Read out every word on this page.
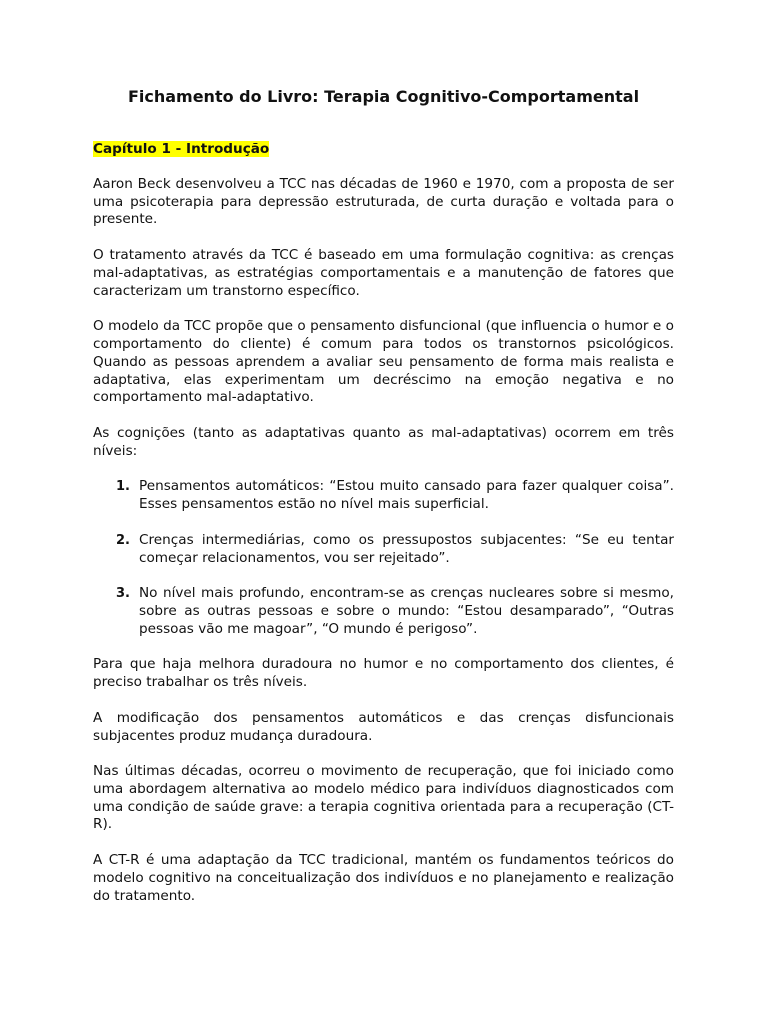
Fichamento do Livro: Terapia Cognitivo-Comportamental
Capítulo 1 - Introdução

Aaron Beck desenvolveu a TCC nas décadas de 1960 e 1970, com a proposta de ser uma psicoterapia para depressão estruturada, de curta duração e voltada para o presente.

O tratamento através da TCC é baseado em uma formulação cognitiva: as crenças mal-adaptativas, as estratégias comportamentais e a manutenção de fatores que caracterizam um transtorno específico.

O modelo da TCC propõe que o pensamento disfuncional (que influencia o humor e o comportamento do cliente) é comum para todos os transtornos psicológicos. Quando as pessoas aprendem a avaliar seu pensamento de forma mais realista e adaptativa, elas experimentam um decréscimo na emoção negativa e no comportamento mal-adaptativo.

As cognições (tanto as adaptativas quanto as mal-adaptativas) ocorrem em três níveis:

1. Pensamentos automáticos: “Estou muito cansado para fazer qualquer coisa”. Esses pensamentos estão no nível mais superficial.

2. Crenças intermediárias, como os pressupostos subjacentes: “Se eu tentar começar relacionamentos, vou ser rejeitado”.

3. No nível mais profundo, encontram-se as crenças nucleares sobre si mesmo, sobre as outras pessoas e sobre o mundo: “Estou desamparado”, “Outras pessoas vão me magoar”, “O mundo é perigoso”.

Para que haja melhora duradoura no humor e no comportamento dos clientes, é preciso trabalhar os três níveis.

A modificação dos pensamentos automáticos e das crenças disfuncionais subjacentes produz mudança duradoura.

Nas últimas décadas, ocorreu o movimento de recuperação, que foi iniciado como uma abordagem alternativa ao modelo médico para indivíduos diagnosticados com uma condição de saúde grave: a terapia cognitiva orientada para a recuperação (CT-R).

A CT-R é uma adaptação da TCC tradicional, mantém os fundamentos teóricos do modelo cognitivo na conceitualização dos indivíduos e no planejamento e realização do tratamento.
